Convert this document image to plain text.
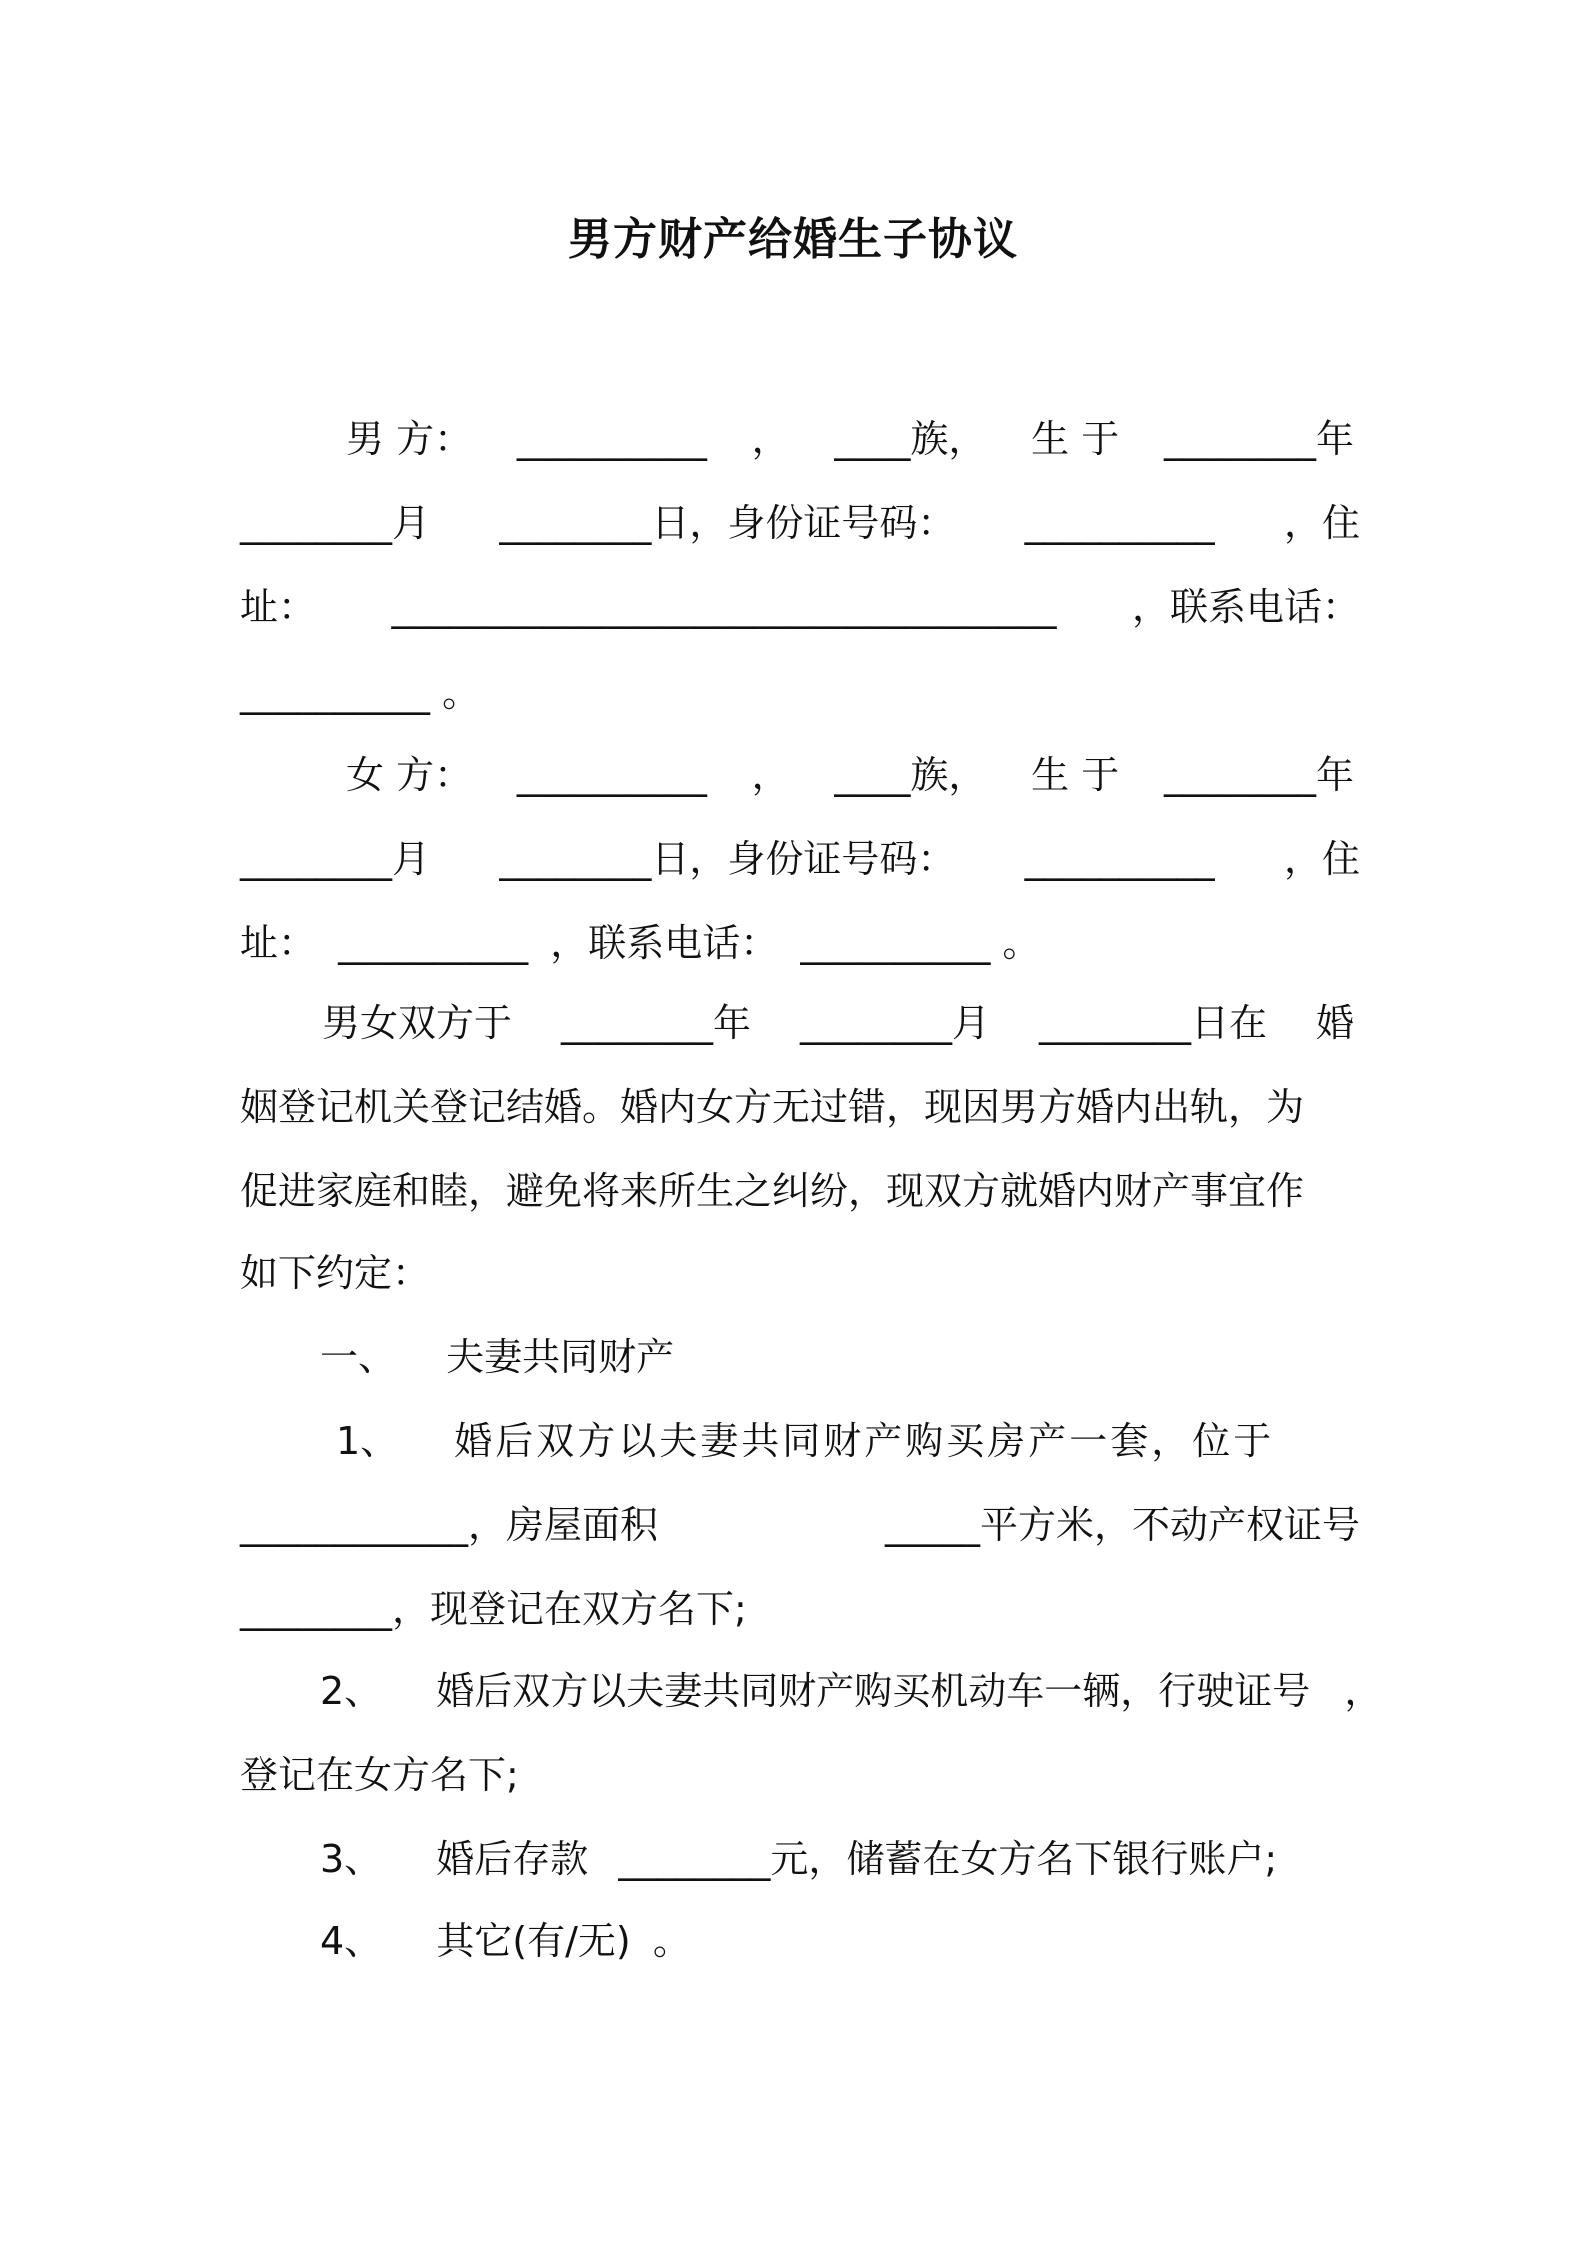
男方财产给婚生子协议
男 方： __________ ， ____族， 生 于 ________年
________月 ________日，身份证号码： __________ ，住
址： ___________________________________ ，联系电话：
__________ 。
女 方： __________ ， ____族， 生 于 ________年
________月 ________日，身份证号码： __________ ，住
址： __________ ，联系电话： __________ 。
男女双方于 ________年 ________月 ________日在 婚
姻登记机关登记结婚。婚内女方无过错，现因男方婚内出轨，为
促进家庭和睦，避免将来所生之纠纷，现双方就婚内财产事宜作
如下约定：
一、 夫妻共同财产
1、 婚后双方以夫妻共同财产购买房产一套，位于
____________，房屋面积	_____平方米，不动产权证号
________，现登记在双方名下;
2、 婚后双方以夫妻共同财产购买机动车一辆，行驶证号 ，
登记在女方名下;
3、 婚后存款 ________元，储蓄在女方名下银行账户;
4、 其它(有/无) 。
